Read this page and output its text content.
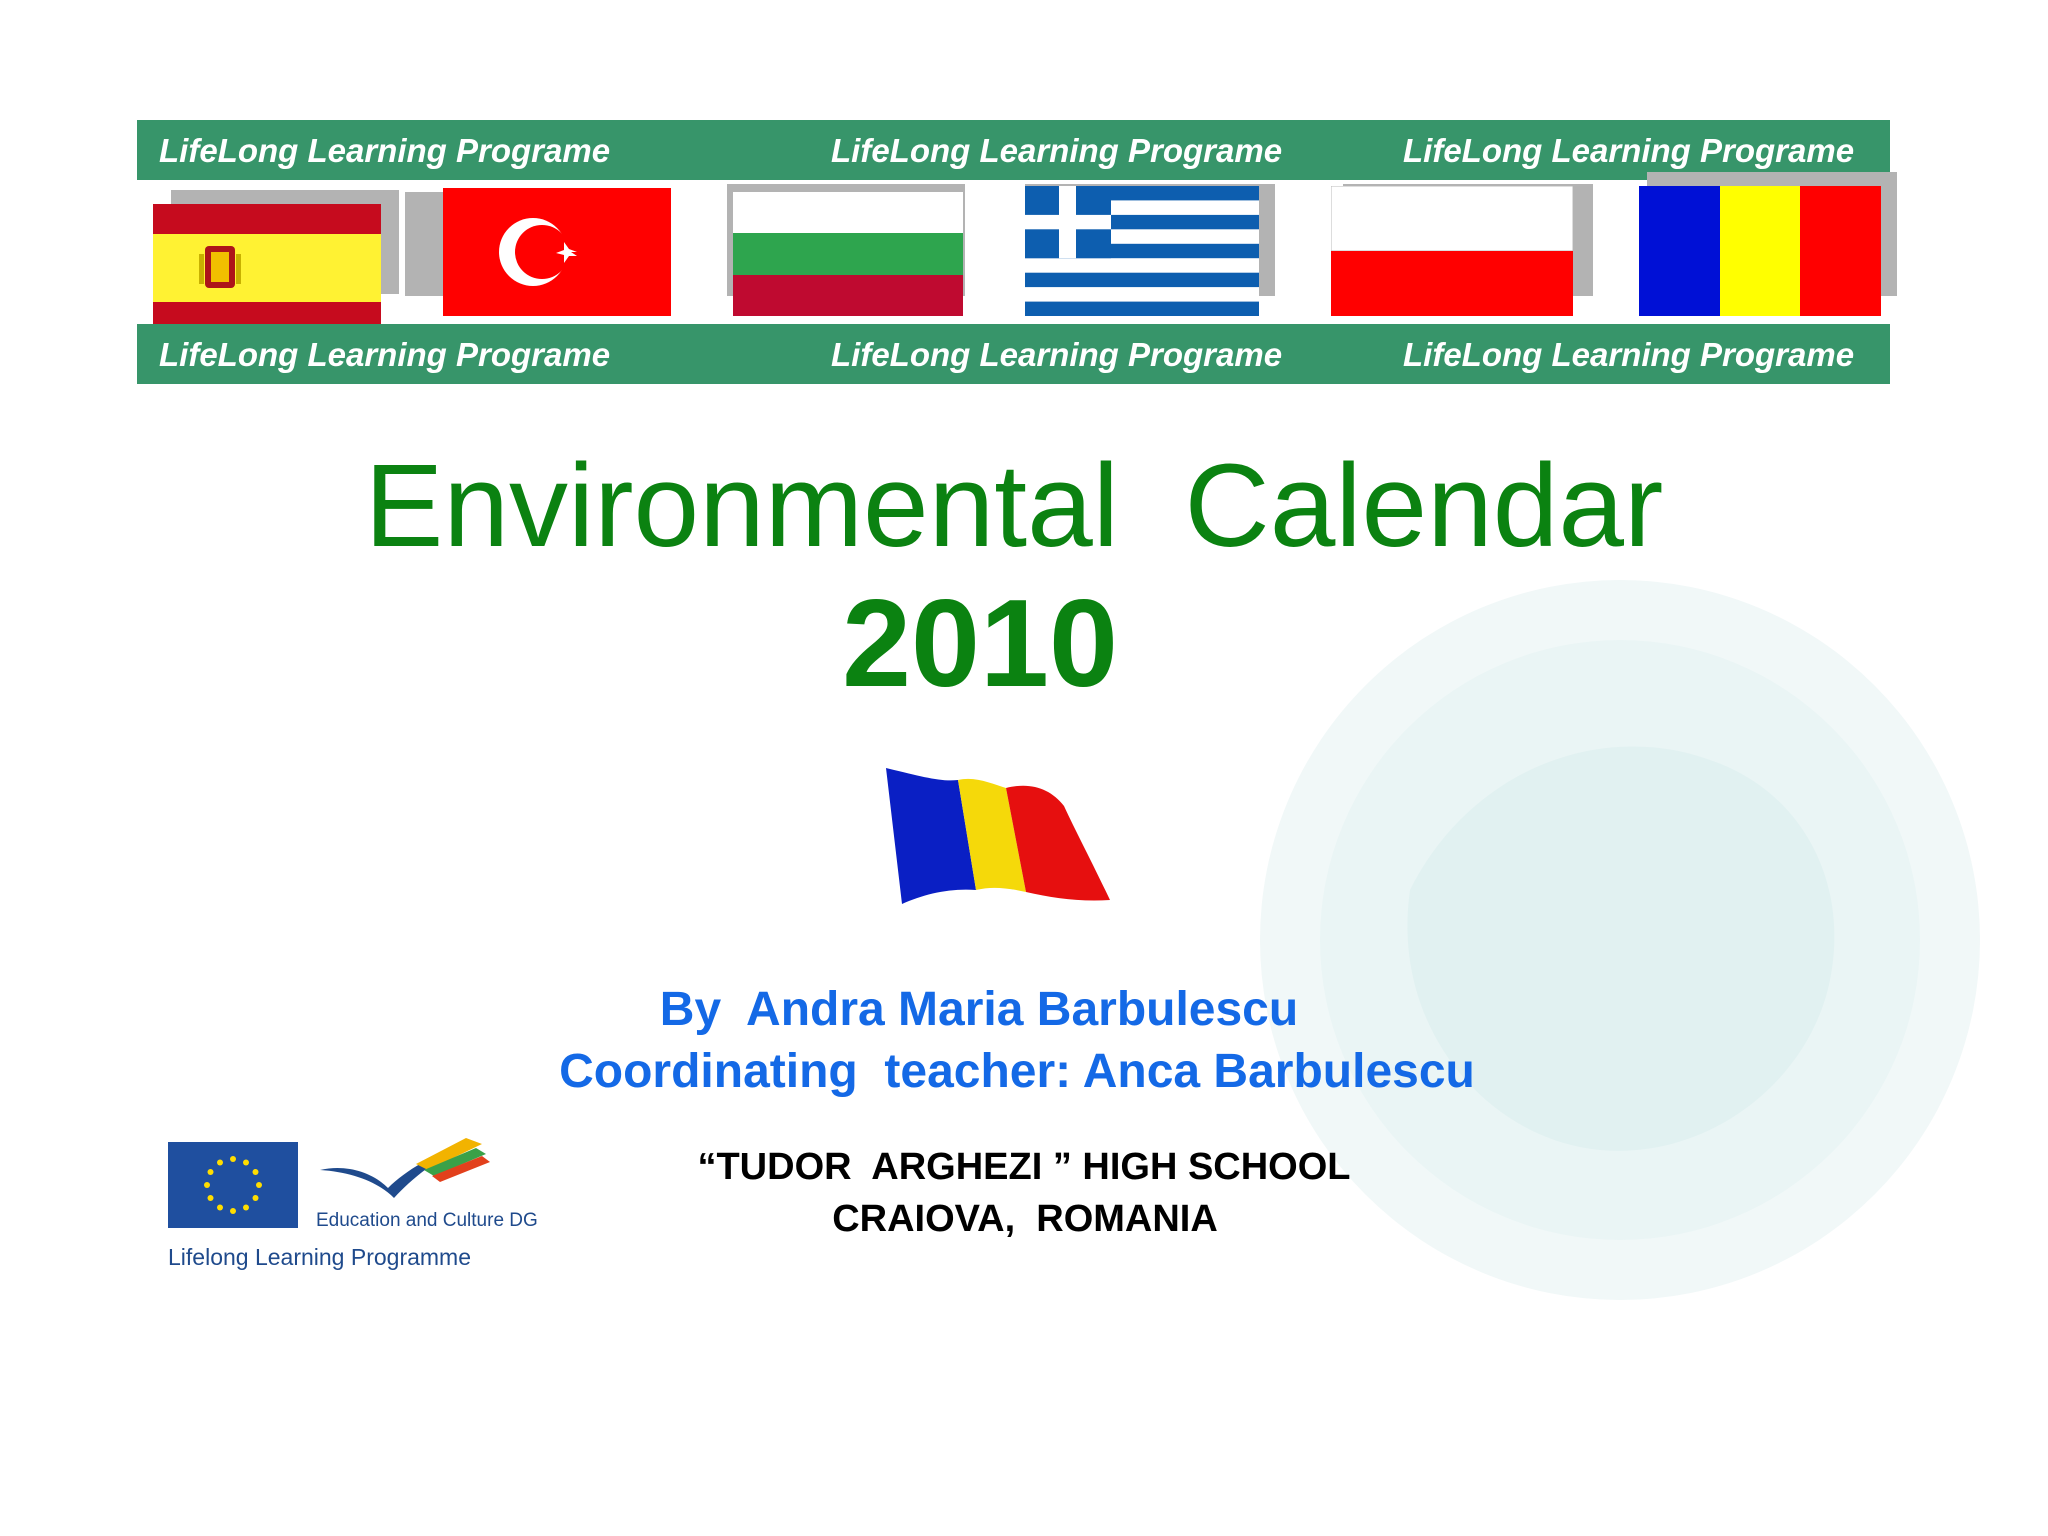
LifeLong Learning Programe	LifeLong Learning Programe	LifeLong Learning Programe
LifeLong Learning Programe	LifeLong Learning Programe	LifeLong Learning Programe
Environmental  Calendar
2010
By  Andra Maria Barbulescu
Coordinating  teacher: Anca Barbulescu
“TUDOR  ARGHEZI ” HIGH SCHOOL
CRAIOVA,  ROMANIA
Education and Culture DG
Lifelong Learning Programme
